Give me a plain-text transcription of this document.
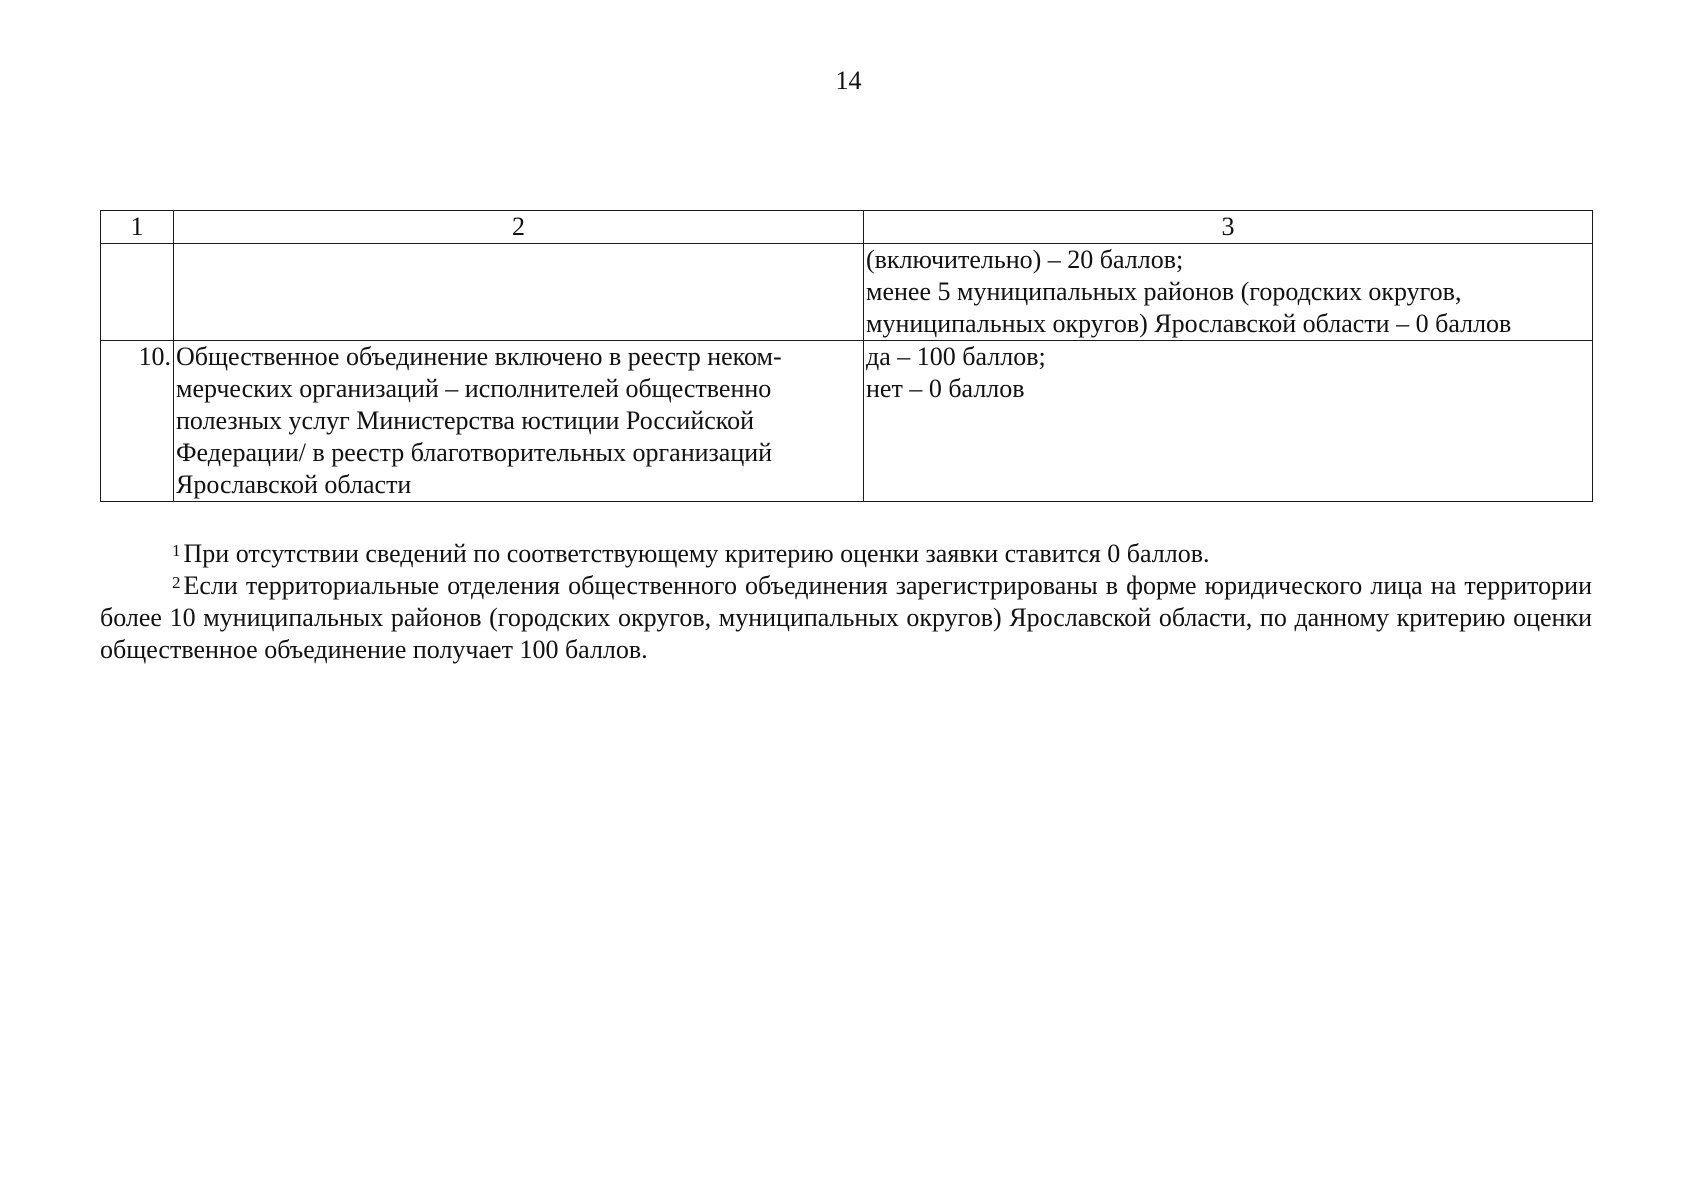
14
1	2	3

		(включительно) – 20 баллов;
менее 5 муниципальных районов (городских округов,
муниципальных округов) Ярославской области – 0 баллов

10.	Общественное объединение включено в реестр неком-
мерческих организаций – исполнителей общественно
полезных услуг Министерства юстиции Российской
Федерации/ в реестр благотворительных организаций
Ярославской области	да – 100 баллов;
нет – 0 баллов

$^1$ При отсутствии сведений по соответствующему критерию оценки заявки ставится 0 баллов.

$^2$ Если территориальные отделения общественного объединения зарегистрированы в форме юридического лица на территории более 10 муниципальных районов (городских округов, муниципальных округов) Ярославской области, по данному критерию оценки общественное объединение получает 100 баллов.
